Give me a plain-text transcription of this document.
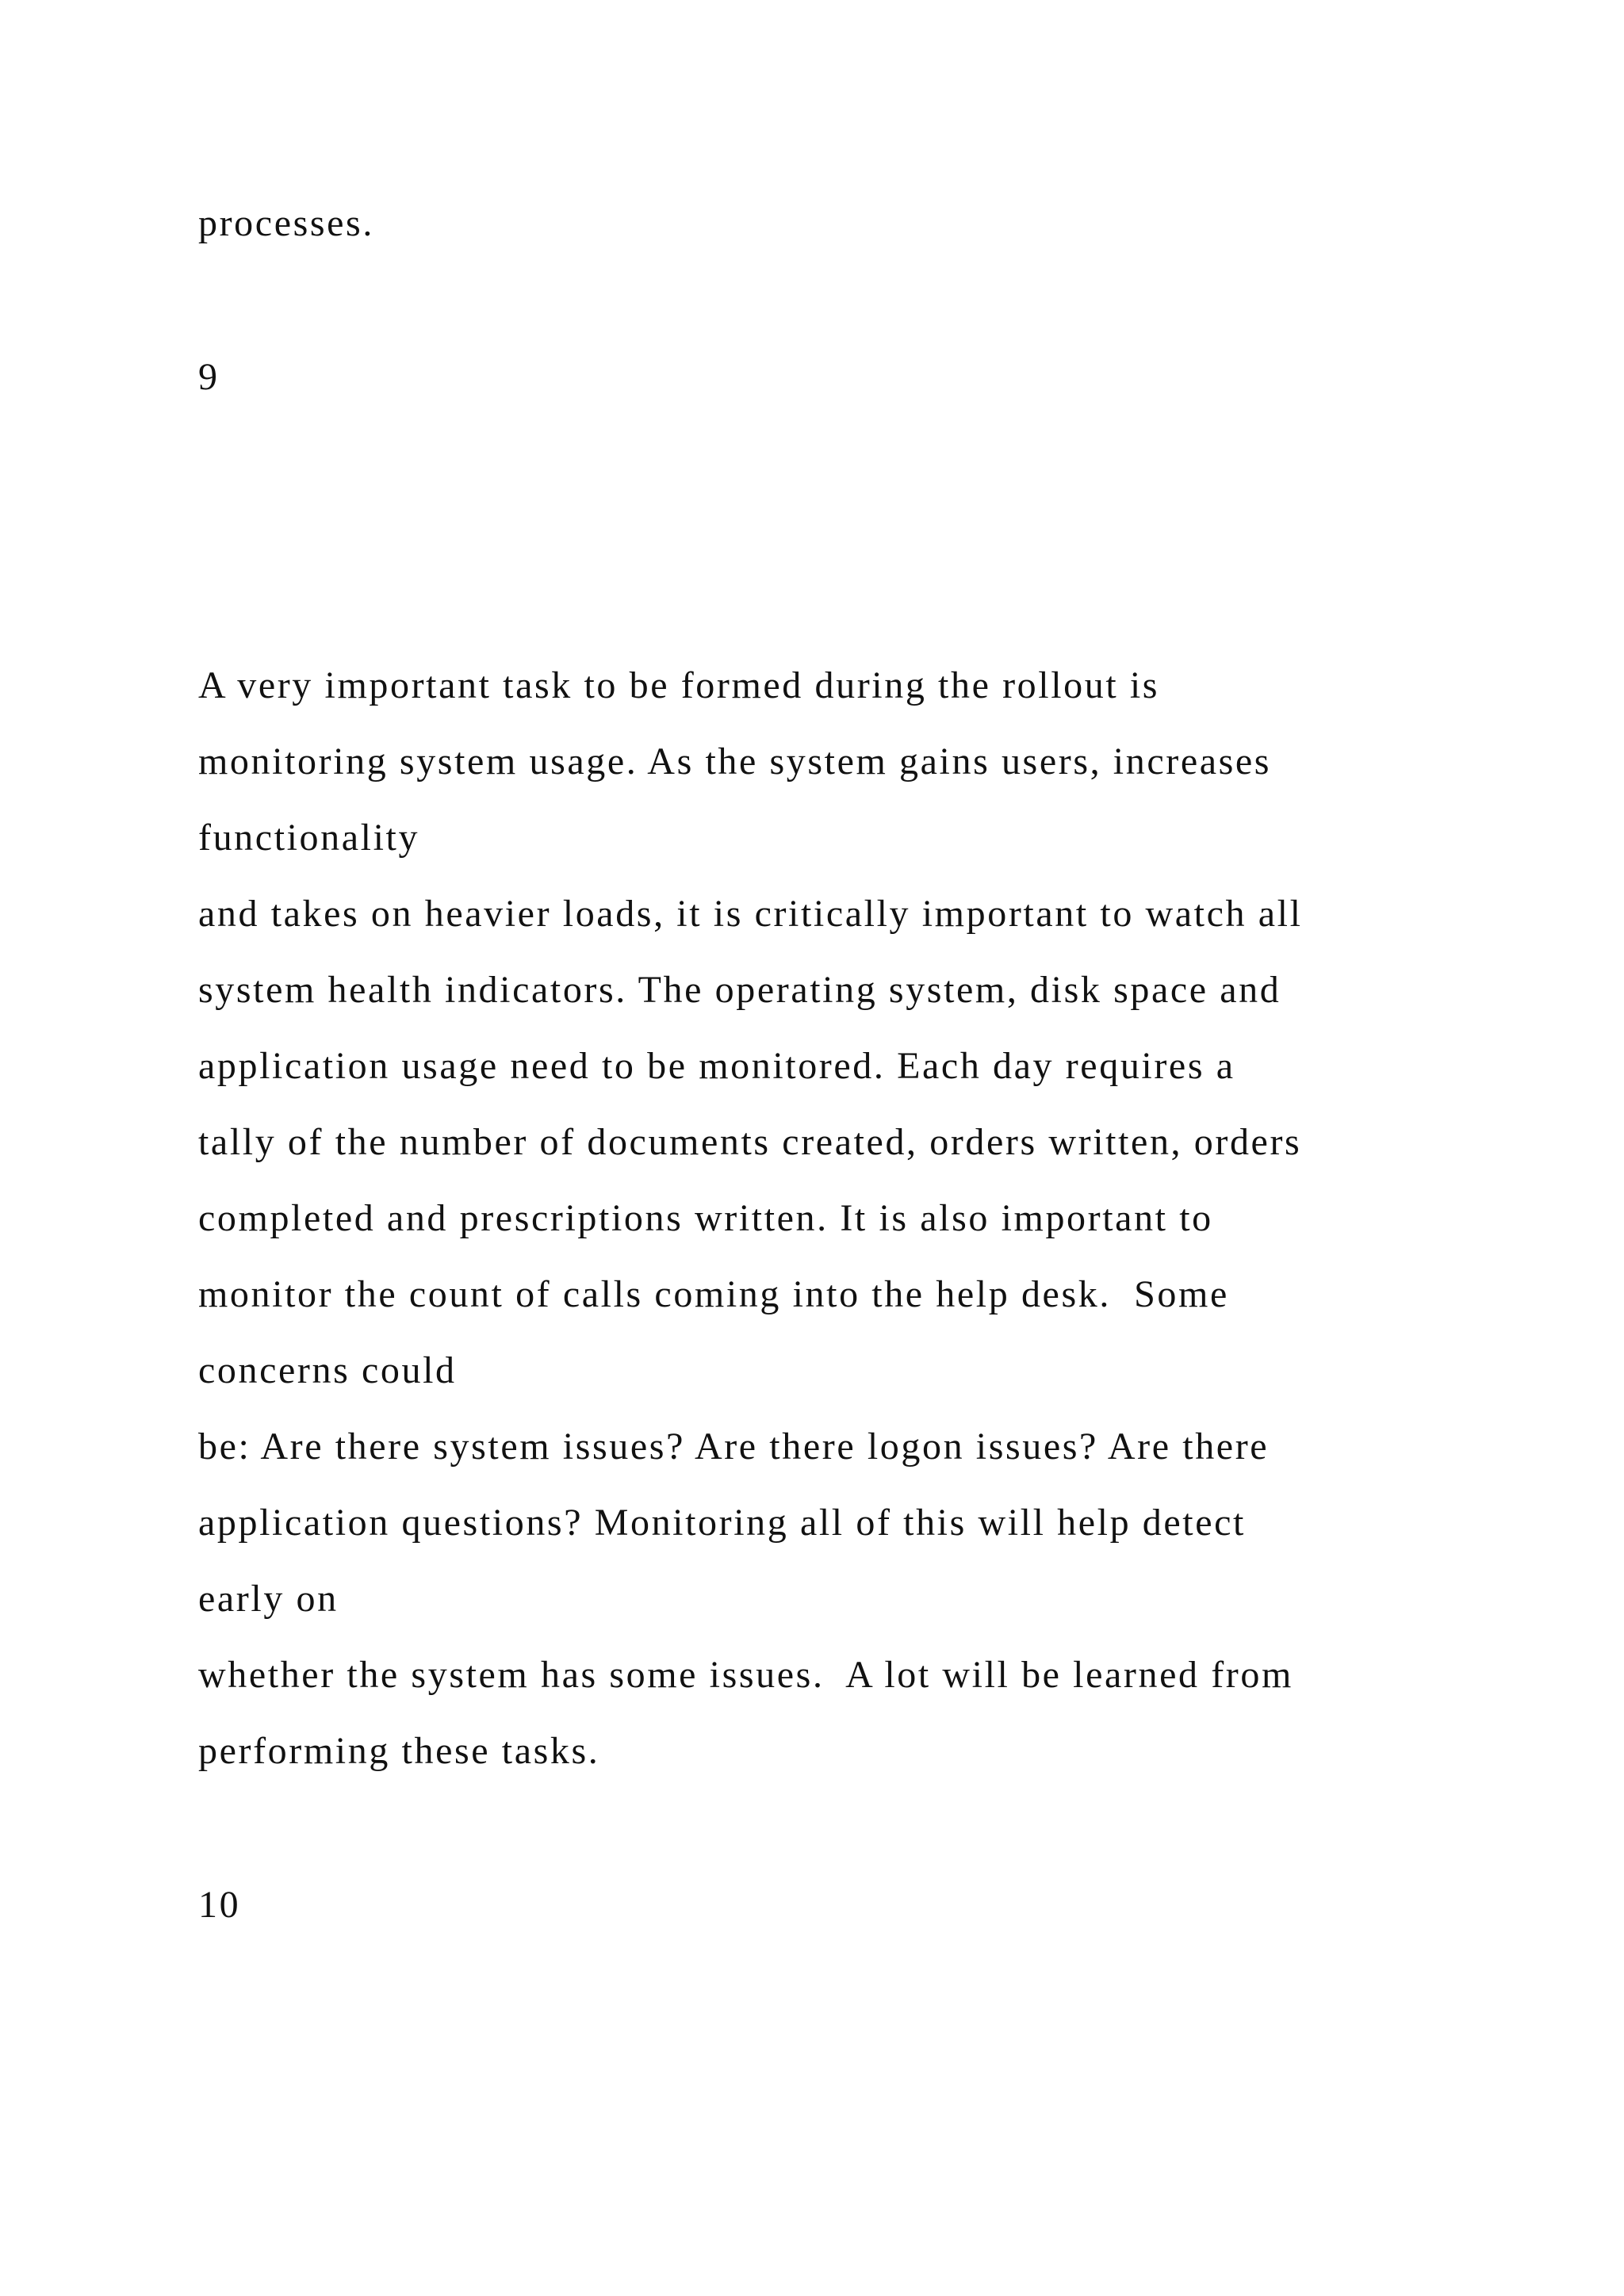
processes.

9

A very important task to be formed during the rollout is

monitoring system usage. As the system gains users, increases

functionality

and takes on heavier loads, it is critically important to watch all

system health indicators. The operating system, disk space and

application usage need to be monitored. Each day requires a

tally of the number of documents created, orders written, orders

completed and prescriptions written. It is also important to

monitor the count of calls coming into the help desk.  Some

concerns could

be: Are there system issues? Are there logon issues? Are there

application questions? Monitoring all of this will help detect

early on

whether the system has some issues.  A lot will be learned from

performing these tasks.

10
